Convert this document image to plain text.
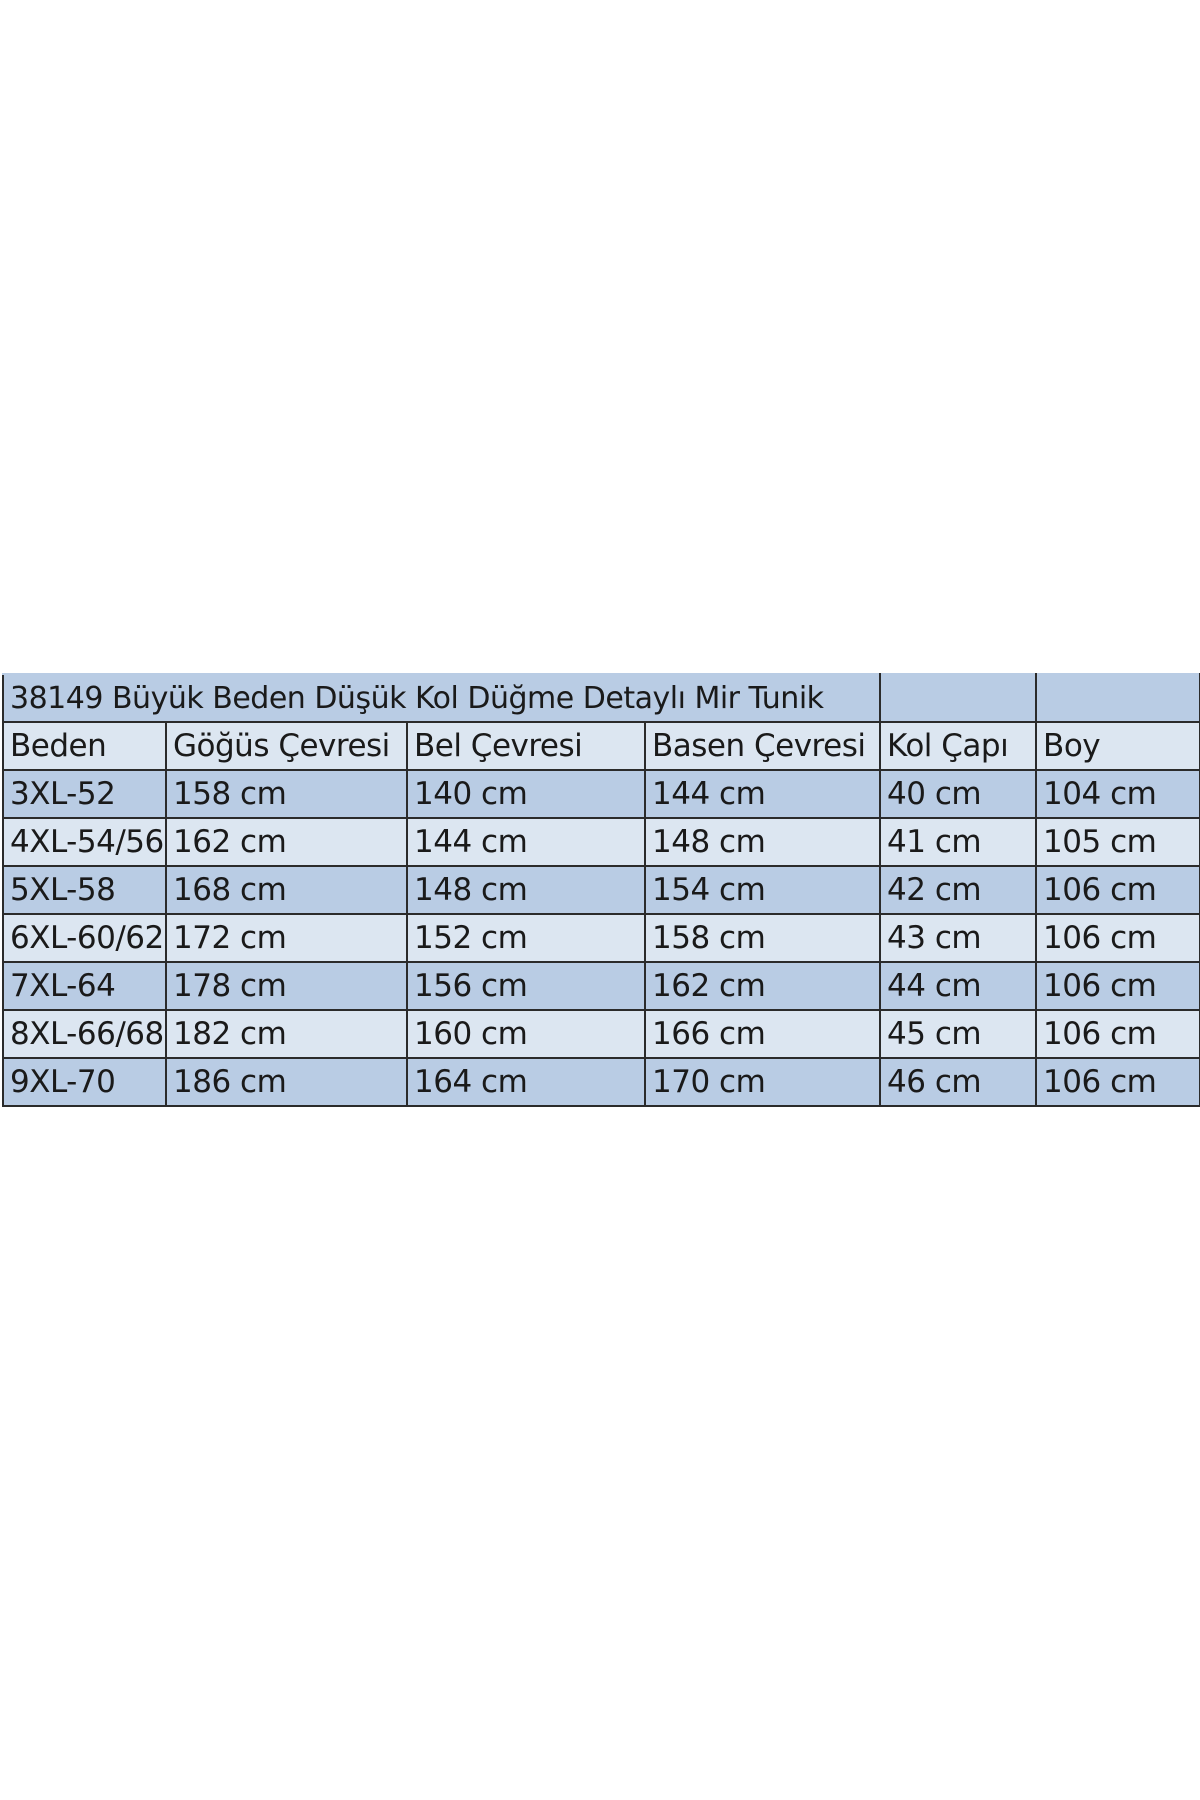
38149 Büyük Beden Düşük Kol Düğme Detaylı Mir Tunik					
Beden	Göğüs Çevresi	Bel Çevresi	Basen Çevresi	Kol Çapı	Boy
3XL-52	158 cm	140 cm	144 cm	40 cm	104 cm
4XL-54/56	162 cm	144 cm	148 cm	41 cm	105 cm
5XL-58	168 cm	148 cm	154 cm	42 cm	106 cm
6XL-60/62	172 cm	152 cm	158 cm	43 cm	106 cm
7XL-64	178 cm	156 cm	162 cm	44 cm	106 cm
8XL-66/68	182 cm	160 cm	166 cm	45 cm	106 cm
9XL-70	186 cm	164 cm	170 cm	46 cm	106 cm
